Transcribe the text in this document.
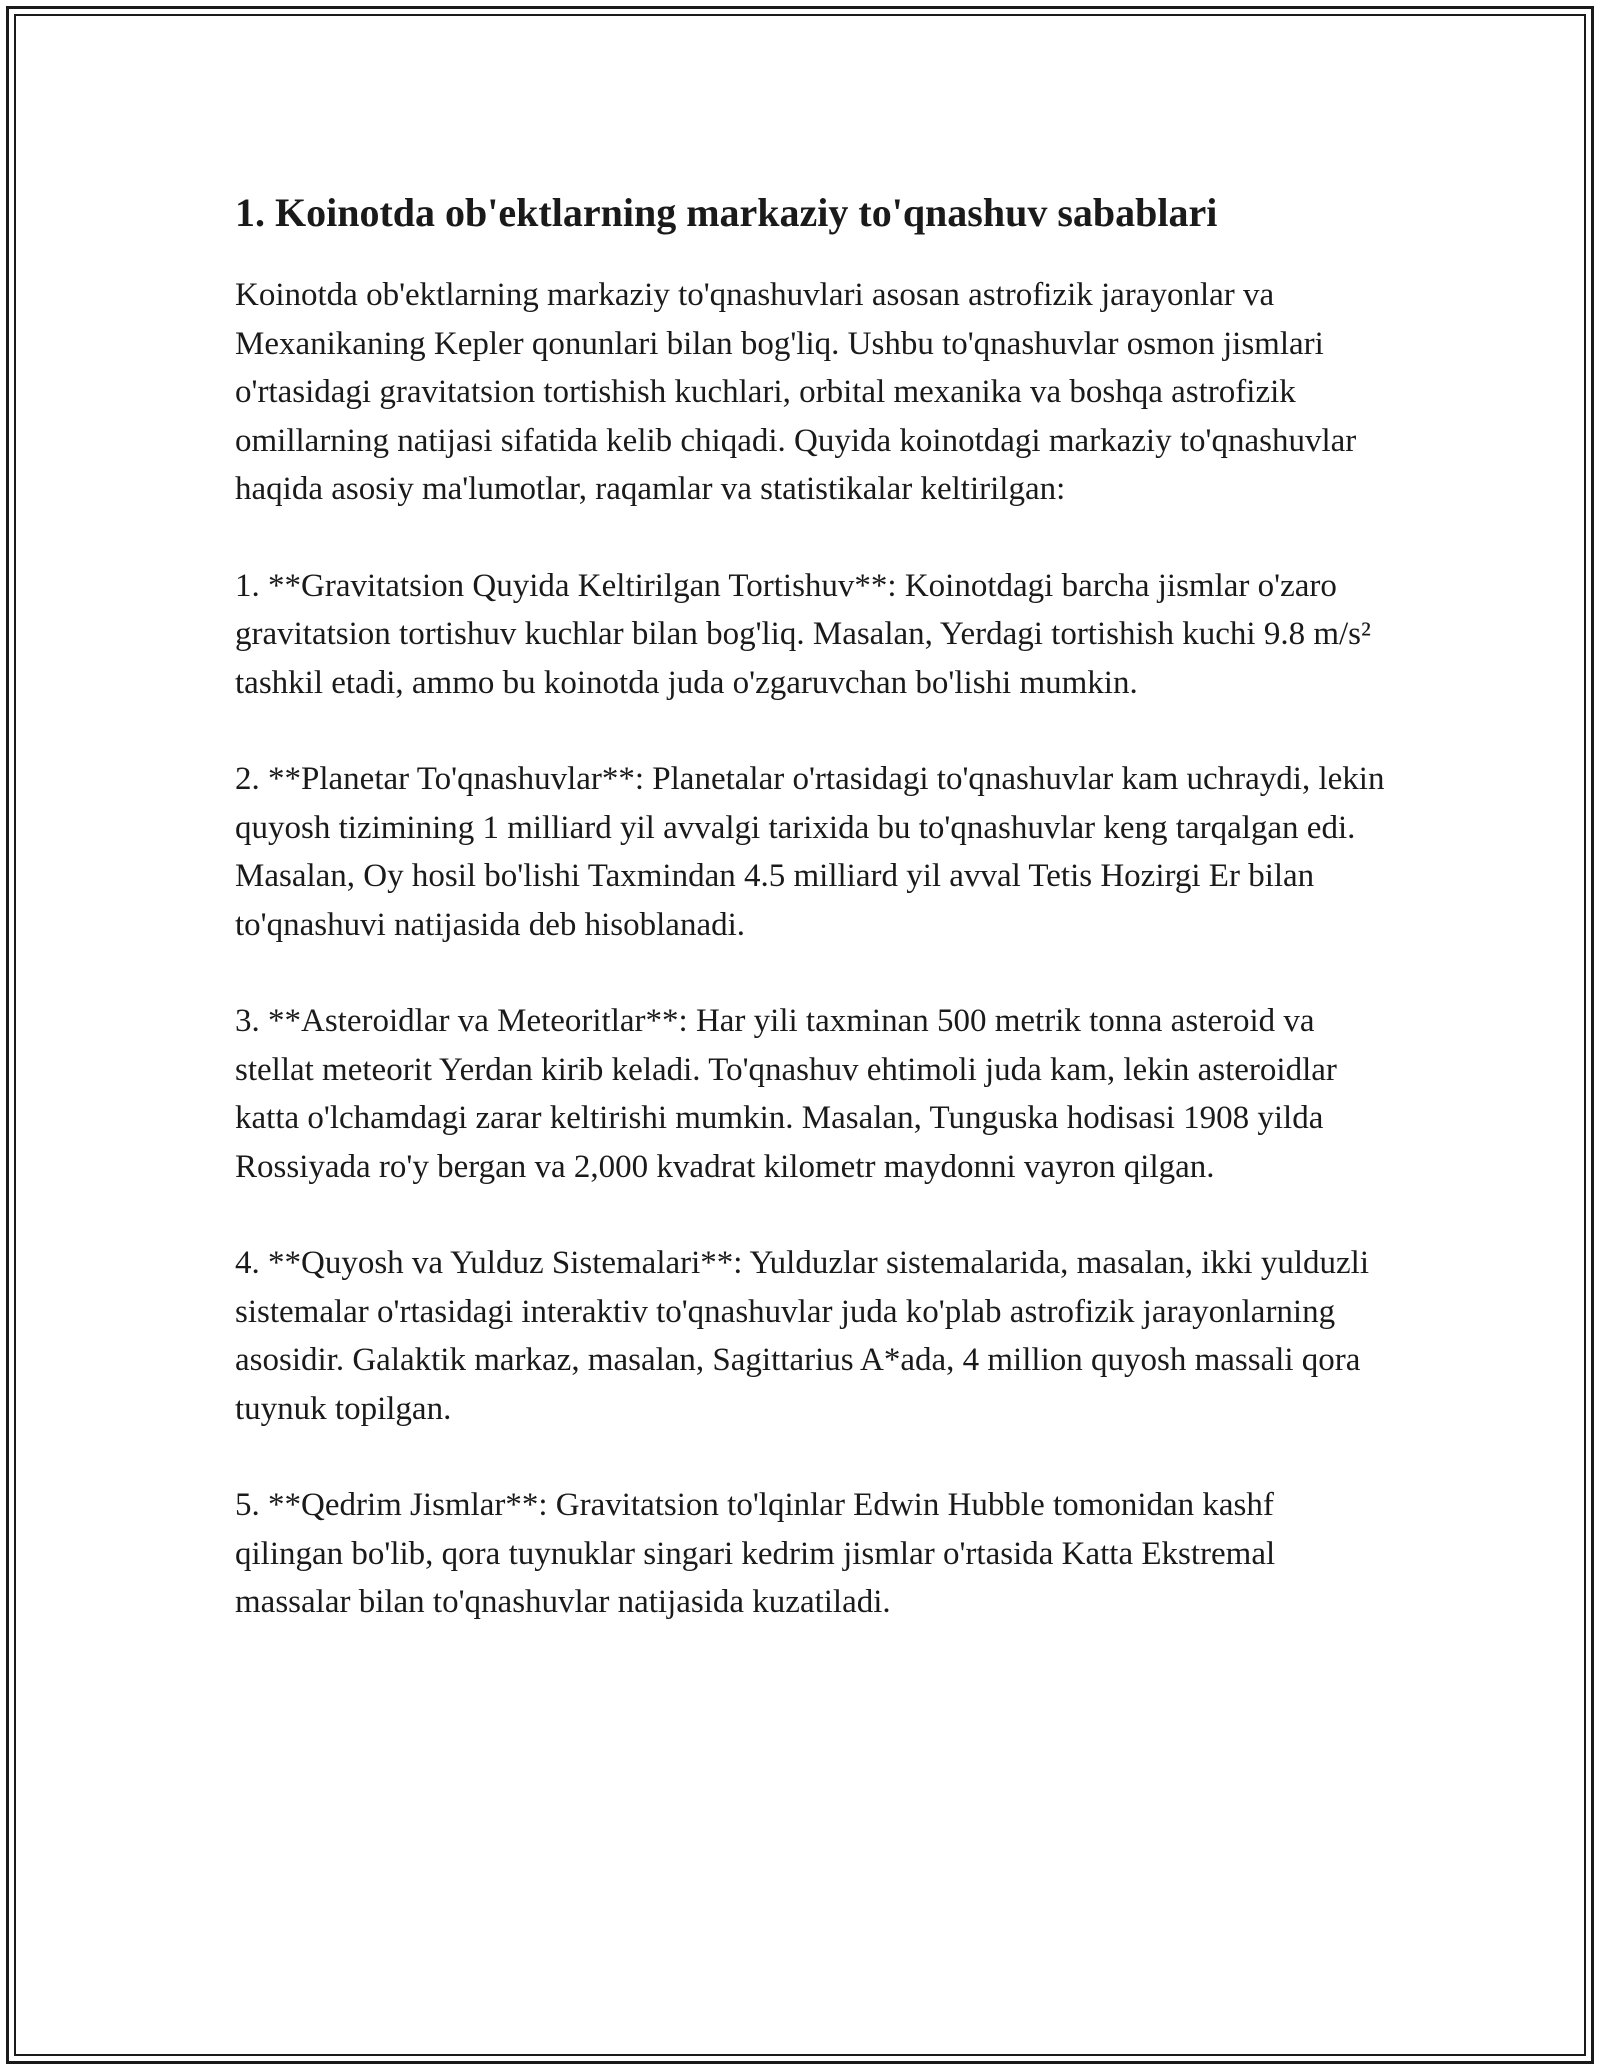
1. Koinotda ob'ektlarning markaziy to'qnashuv sabablari

Koinotda ob'ektlarning markaziy to'qnashuvlari asosan astrofizik jarayonlar va Mexanikaning Kepler qonunlari bilan bog'liq. Ushbu to'qnashuvlar osmon jismlari o'rtasidagi gravitatsion tortishish kuchlari, orbital mexanika va boshqa astrofizik omillarning natijasi sifatida kelib chiqadi. Quyida koinotdagi markaziy to'qnashuvlar haqida asosiy ma'lumotlar, raqamlar va statistikalar keltirilgan:

1. **Gravitatsion Quyida Keltirilgan Tortishuv**: Koinotdagi barcha jismlar o'zaro gravitatsion tortishuv kuchlar bilan bog'liq. Masalan, Yerdagi tortishish kuchi 9.8 m/s² tashkil etadi, ammo bu koinotda juda o'zgaruvchan bo'lishi mumkin.

2. **Planetar To'qnashuvlar**: Planetalar o'rtasidagi to'qnashuvlar kam uchraydi, lekin quyosh tizimining 1 milliard yil avvalgi tarixida bu to'qnashuvlar keng tarqalgan edi. Masalan, Oy hosil bo'lishi Taxmindan 4.5 milliard yil avval Tetis Hozirgi Er bilan to'qnashuvi natijasida deb hisoblanadi.

3. **Asteroidlar va Meteoritlar**: Har yili taxminan 500 metrik tonna asteroid va stellat meteorit Yerdan kirib keladi. To'qnashuv ehtimoli juda kam, lekin asteroidlar katta o'lchamdagi zarar keltirishi mumkin. Masalan, Tunguska hodisasi 1908 yilda Rossiyada ro'y bergan va 2,000 kvadrat kilometr maydonni vayron qilgan.

4. **Quyosh va Yulduz Sistemalari**: Yulduzlar sistemalarida, masalan, ikki yulduzli sistemalar o'rtasidagi interaktiv to'qnashuvlar juda ko'plab astrofizik jarayonlarning asosidir. Galaktik markaz, masalan, Sagittarius A*ada, 4 million quyosh massali qora tuynuk topilgan.

5. **Qedrim Jismlar**: Gravitatsion to'lqinlar Edwin Hubble tomonidan kashf qilingan bo'lib, qora tuynuklar singari kedrim jismlar o'rtasida Katta Ekstremal massalar bilan to'qnashuvlar natijasida kuzatiladi.
